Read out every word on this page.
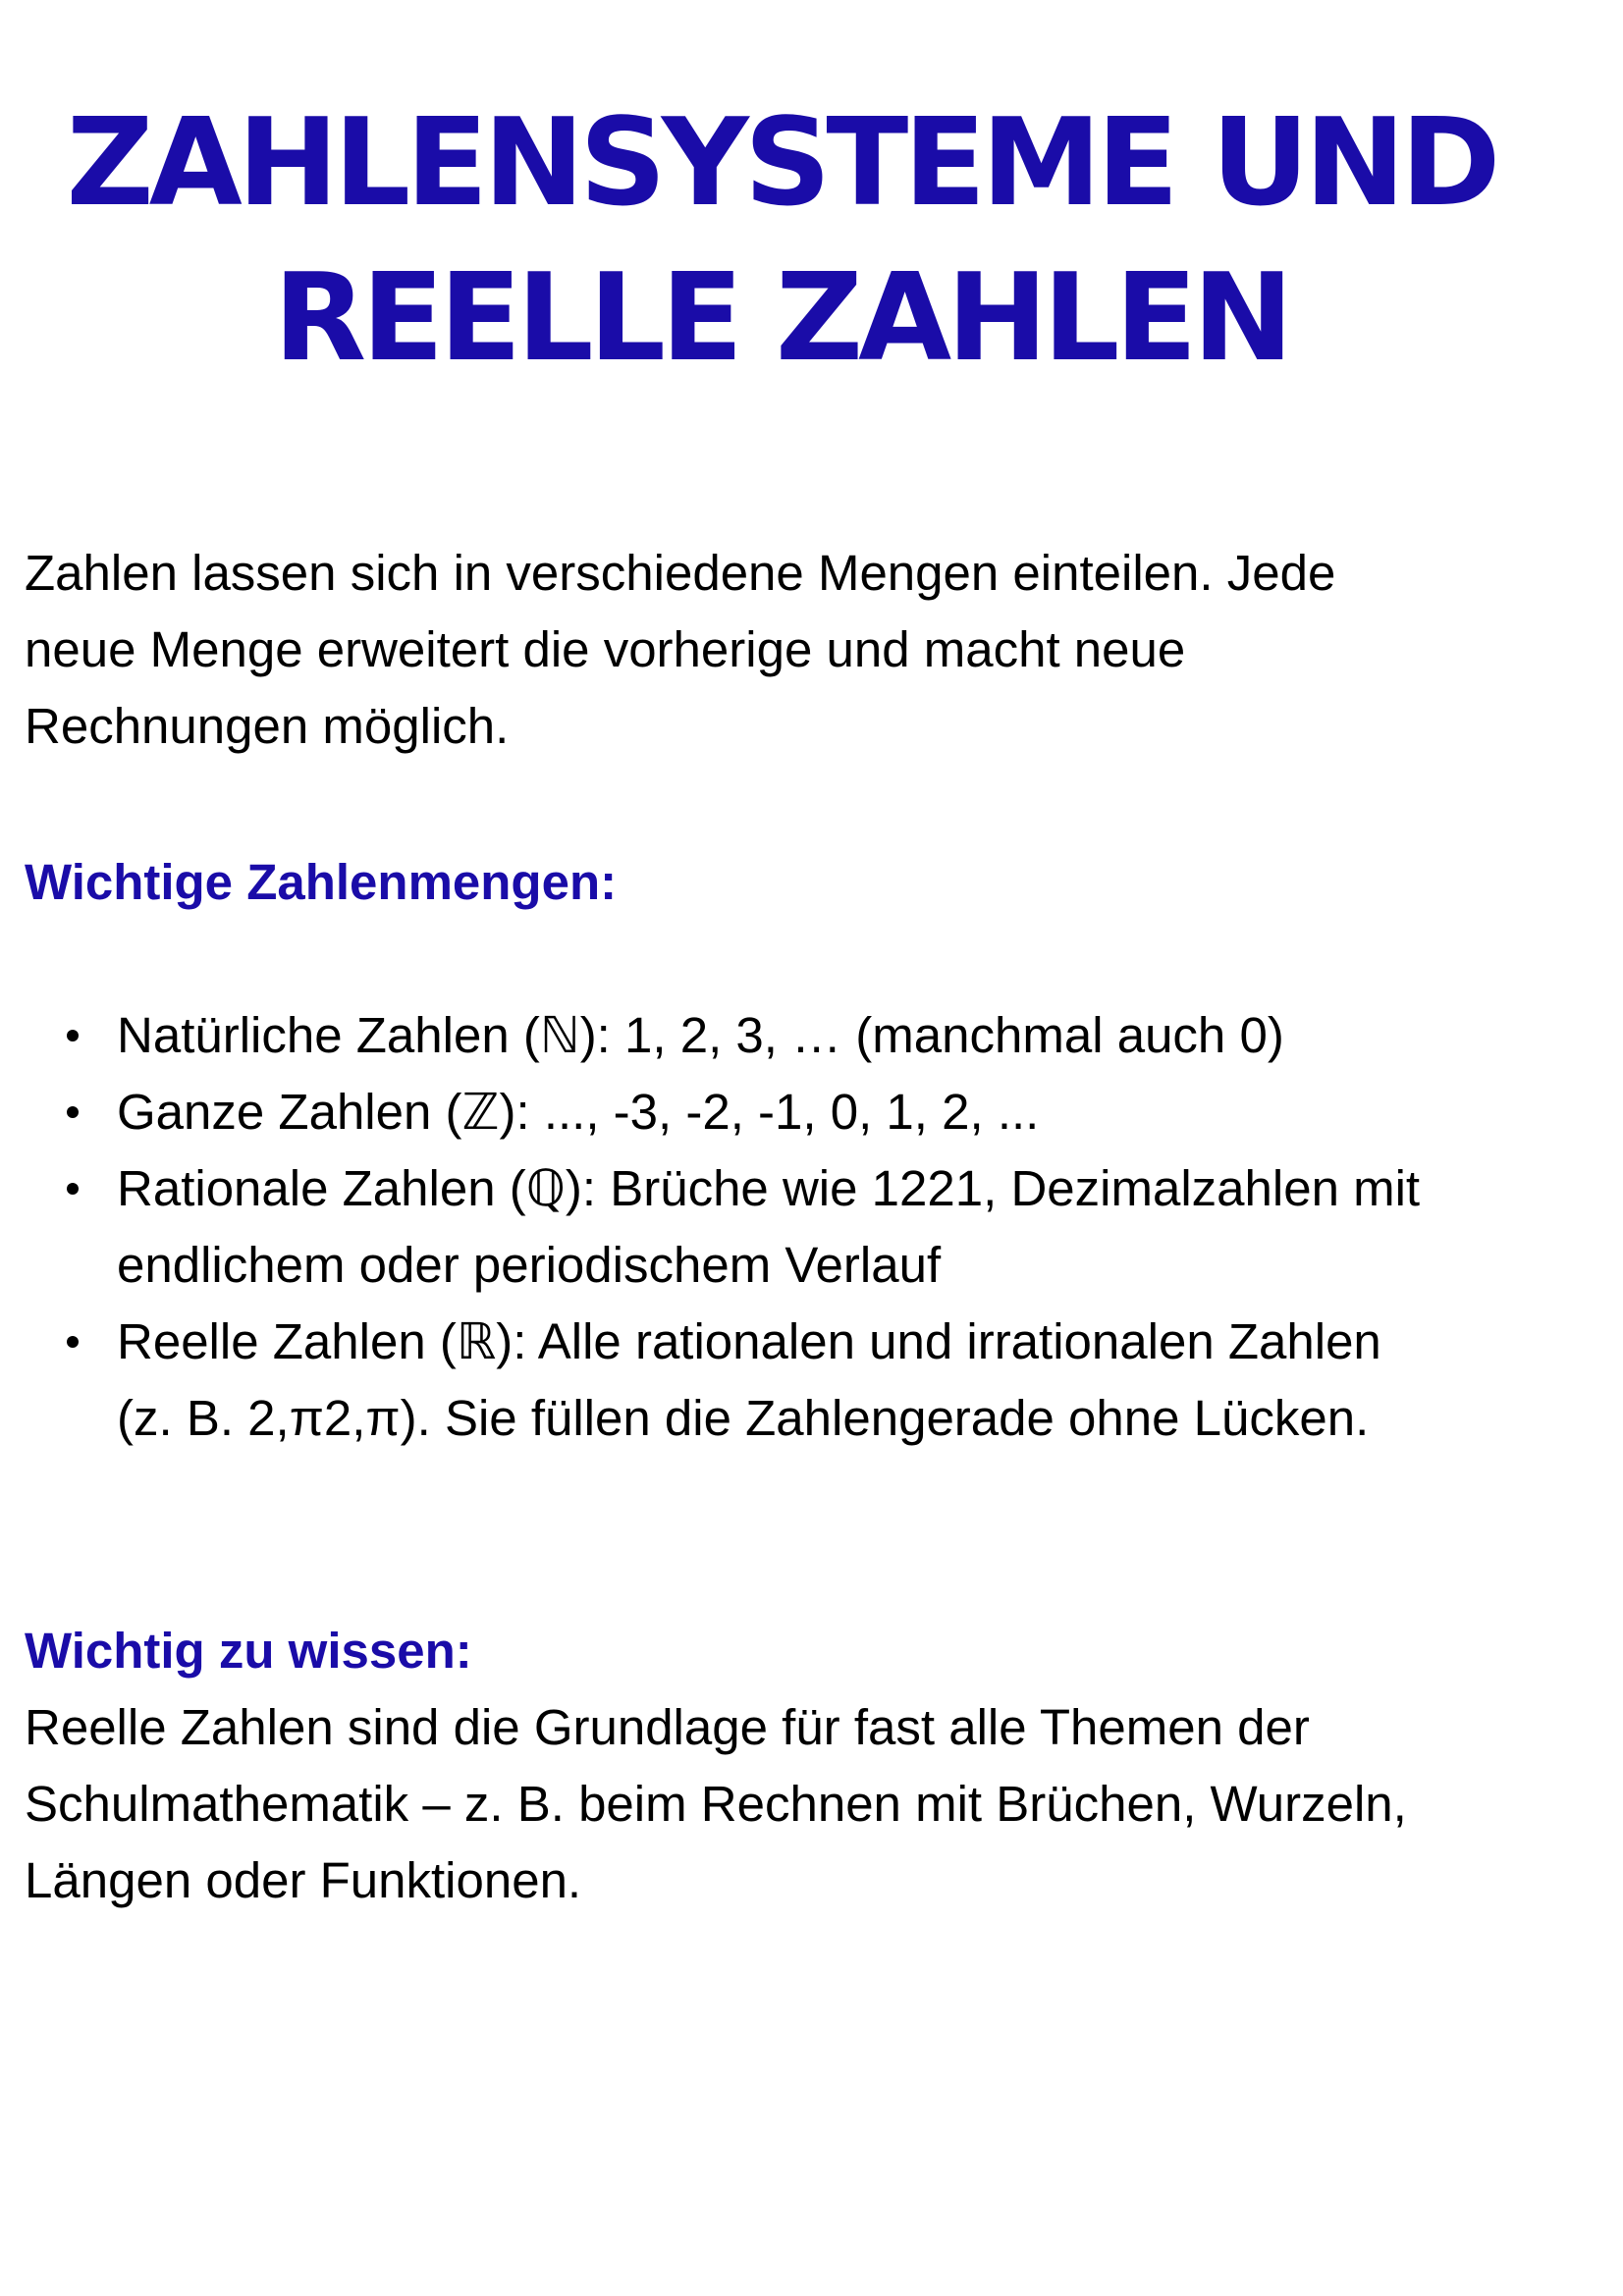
ZAHLENSYSTEME UND
REELLE ZAHLEN

Zahlen lassen sich in verschiedene Mengen einteilen. Jede
neue Menge erweitert die vorherige und macht neue
Rechnungen möglich.

Wichtige Zahlenmengen:
Natürliche Zahlen (ℕ): 1, 2, 3, … (manchmal auch 0)
Ganze Zahlen (ℤ): ..., -3, -2, -1, 0, 1, 2, ...
Rationale Zahlen (ℚ): Brüche wie 1221, Dezimalzahlen mit
endlichem oder periodischem Verlauf
Reelle Zahlen (ℝ): Alle rationalen und irrationalen Zahlen
(z. B. 2,π2,π). Sie füllen die Zahlengerade ohne Lücken.
Wichtig zu wissen:

Reelle Zahlen sind die Grundlage für fast alle Themen der
Schulmathematik – z. B. beim Rechnen mit Brüchen, Wurzeln,
Längen oder Funktionen.
